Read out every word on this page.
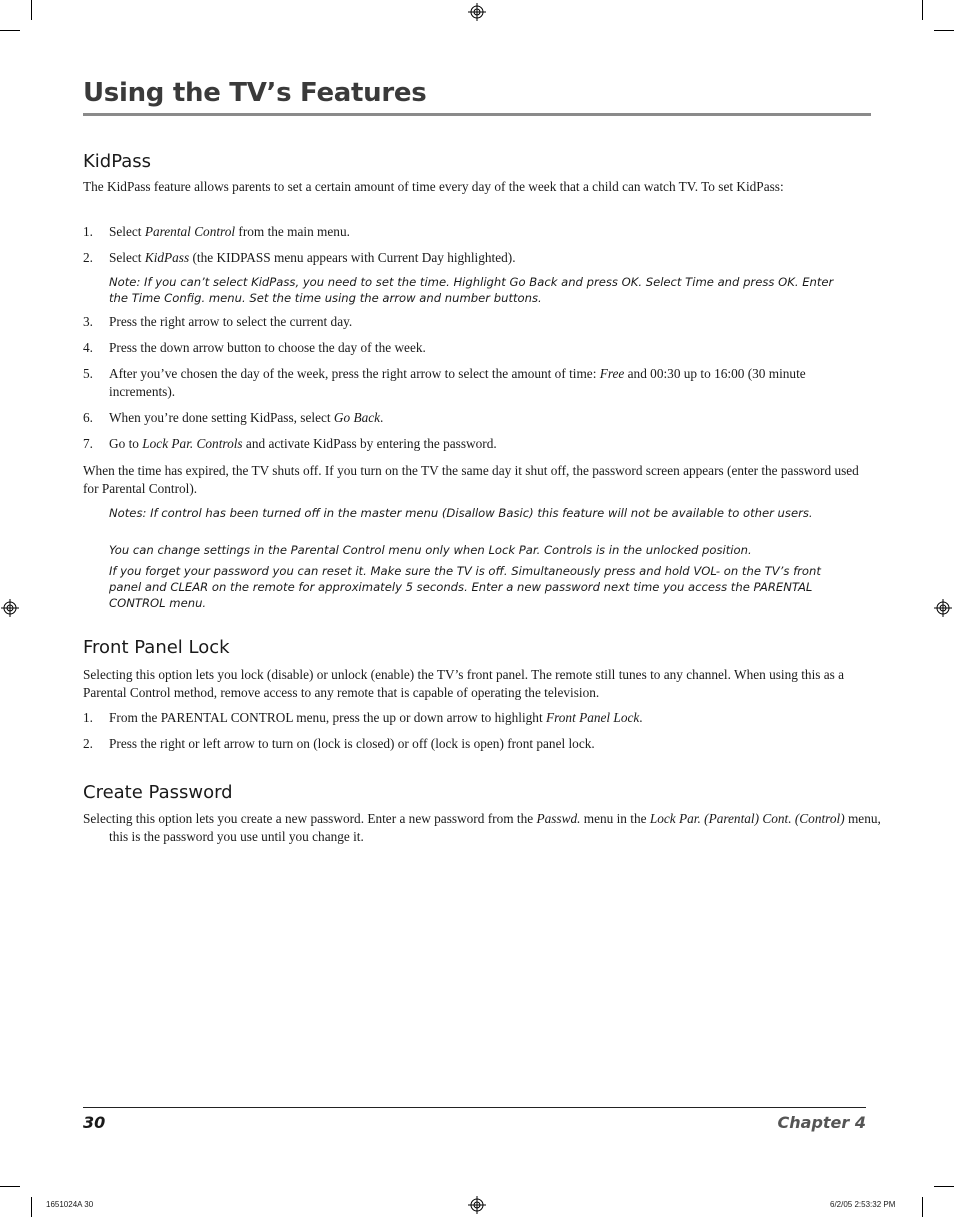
Using the TV’s Features
KidPass

The KidPass feature allows parents to set a certain amount of time every day of the week that a child can watch TV. To set KidPass:

1. Select Parental Control from the main menu.
2. Select KidPass (the KIDPASS menu appears with Current Day highlighted).

Note: If you can’t select KidPass, you need to set the time. Highlight Go Back and press OK. Select Time and press OK. Enter the Time Config. menu. Set the time using the arrow and number buttons.

3. Press the right arrow to select the current day.
4. Press the down arrow button to choose the day of the week.
5. After you’ve chosen the day of the week, press the right arrow to select the amount of time: Free and 00:30 up to 16:00 (30 minute increments).
6. When you’re done setting KidPass, select Go Back.
7. Go to Lock Par. Controls and activate KidPass by entering the password.

When the time has expired, the TV shuts off. If you turn on the TV the same day it shut off, the password screen appears (enter the password used for Parental Control).

Notes: If control has been turned off in the master menu (Disallow Basic) this feature will not be available to other users.

You can change settings in the Parental Control menu only when Lock Par. Controls is in the unlocked position.

If you forget your password you can reset it. Make sure the TV is off. Simultaneously press and hold VOL- on the TV’s front panel and CLEAR on the remote for approximately 5 seconds. Enter a new password next time you access the PARENTAL CONTROL menu.

Front Panel Lock

Selecting this option lets you lock (disable) or unlock (enable) the TV’s front panel. The remote still tunes to any channel. When using this as a Parental Control method, remove access to any remote that is capable of operating the television.

1. From the PARENTAL CONTROL menu, press the up or down arrow to highlight Front Panel Lock.
2. Press the right or left arrow to turn on (lock is closed) or off (lock is open) front panel lock.
Create Password

Selecting this option lets you create a new password. Enter a new password from the Passwd. menu in the Lock Par. (Parental) Cont. (Control) menu, this is the password you use until you change it.

30	Chapter 4
1651024A 30	6/2/05 2:53:32 PM
